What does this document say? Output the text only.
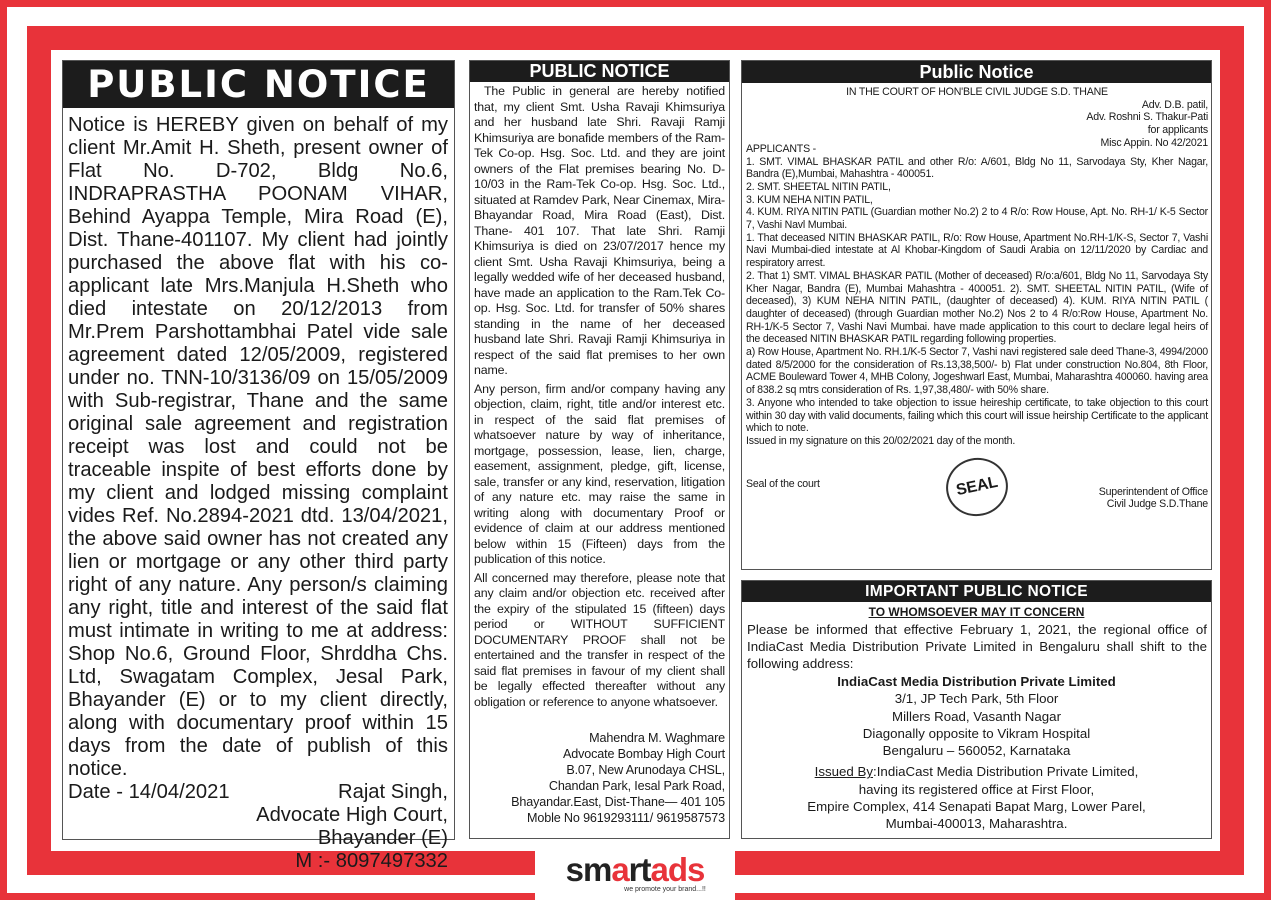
PUBLIC NOTICE

Notice is HEREBY given on behalf of my client Mr.Amit H. Sheth, present owner of Flat No. D-702, Bldg No.6, INDRAPRASTHA POONAM VIHAR, Behind Ayappa Temple, Mira Road (E), Dist. Thane-401107. My client had jointly purchased the above flat with his co-applicant late Mrs.Manjula H.Sheth who died intestate on 20/12/2013 from Mr.Prem Parshottambhai Patel vide sale agreement dated 12/05/2009, registered under no. TNN-10/3136/09 on 15/05/2009 with Sub-registrar, Thane and the same original sale agreement and registration receipt was lost and could not be traceable inspite of best efforts done by my client and lodged missing complaint vides Ref. No.2894-2021 dtd. 13/04/2021, the above said owner has not created any lien or mortgage or any other third party right of any nature. Any person/s claiming any right, title and interest of the said flat must intimate in writing to me at address: Shop No.6, Ground Floor, Shrddha Chs. Ltd, Swagatam Complex, Jesal Park, Bhayander (E) or to my client directly, along with documentary proof within 15 days from the date of publish of this notice.

Date - 14/04/2021	Rajat Singh,
Advocate High Court,
Bhayander (E)
M :- 8097497332
PUBLIC NOTICE

The Public in general are hereby notified that, my client Smt. Usha Ravaji Khimsuriya and her husband late Shri. Ravaji Ramji Khimsuriya are bonafide members of the Ram-Tek Co-op. Hsg. Soc. Ltd. and they are joint owners of the Flat premises bearing No. D-10/03 in the Ram-Tek Co-op. Hsg. Soc. Ltd., situated at Ramdev Park, Near Cinemax, Mira-Bhayandar Road, Mira Road (East), Dist. Thane- 401 107. That late Shri. Ramji Khimsuriya is died on 23/07/2017 hence my client Smt. Usha Ravaji Khimsuriya, being a legally wedded wife of her deceased husband, have made an application to the Ram.Tek Co-op. Hsg. Soc. Ltd. for transfer of 50% shares standing in the name of her deceased husband late Shri. Ravaji Ramji Khimsuriya in respect of the said flat premises to her own name.

Any person, firm and/or company having any objection, claim, right, title and/or interest etc. in respect of the said flat premises of whatsoever nature by way of inheritance, mortgage, possession, lease, lien, charge, easement, assignment, pledge, gift, license, sale, transfer or any kind, reservation, litigation of any nature etc. may raise the same in writing along with documentary Proof or evidence of claim at our address mentioned below within 15 (Fifteen) days from the publication of this notice.

All concerned may therefore, please note that any claim and/or objection etc. received after the expiry of the stipulated 15 (fifteen) days period or WITHOUT SUFFICIENT DOCUMENTARY PROOF shall not be entertained and the transfer in respect of the said flat premises in favour of my client shall be legally effected thereafter without any obligation or reference to anyone whatsoever.

Mahendra M. Waghmare
Advocate Bombay High Court
B.07, New Arunodaya CHSL,
Chandan Park, Iesal Park Road,
Bhayandar.East, Dist-Thane— 401 105
Moble No 9619293111/ 9619587573
Public Notice
IN THE COURT OF HON'BLE CIVIL JUDGE S.D. THANE
Adv. D.B. patil,
Adv. Roshni S. Thakur-Pati
for applicants
APPLICANTS -	Misc Appin. No 42/2021

1. SMT. VIMAL BHASKAR PATIL and other R/o: A/601, Bldg No 11, Sarvodaya Sty, Kher Nagar, Bandra (E),Mumbai, Mahashtra - 400051.

2. SMT. SHEETAL NITIN PATIL,

3. KUM NEHA NITIN PATIL,

4. KUM. RIYA NITIN PATIL (Guardian mother No.2) 2 to 4 R/o: Row House, Apt. No. RH-1/ K-5 Sector 7, Vashi Navl Mumbai.

1. That deceased NITIN BHASKAR PATIL, R/o: Row House, Apartment No.RH-1/K-S, Sector 7, Vashi Navi Mumbai-died intestate at Al Khobar-Kingdom of Saudi Arabia on 12/11/2020 by Cardiac and respiratory arrest.

2. That 1) SMT. VIMAL BHASKAR PATIL (Mother of deceased) R/o:a/601, Bldg No 11, Sarvodaya Sty Kher Nagar, Bandra (E), Mumbai Mahashtra - 400051. 2). SMT. SHEETAL NITIN PATIL, (Wife of deceased), 3) KUM NEHA NITIN PATIL, (daughter of deceased) 4). KUM. RIYA NITIN PATIL ( daughter of deceased) (through Guardian mother No.2) Nos 2 to 4 R/o:Row House, Apartment No. RH-1/K-5 Sector 7, Vashi Navi Mumbai. have made application to this court to declare legal heirs of the deceased NITIN BHASKAR PATIL regarding following properties.

a) Row House, Apartment No. RH.1/K-5 Sector 7, Vashi navi registered sale deed Thane-3, 4994/2000 dated 8/5/2000 for the consideration of Rs.13,38,500/- b) Flat under construction No.804, 8th Floor, ACME Bouleward Tower 4, MHB Colony, Jogeshwarl East, Mumbai, Maharashtra 400060. having area of 838.2 sq mtrs consideration of Rs. 1,97,38,480/- with 50% share.

3. Anyone who intended to take objection to issue heireship certificate, to take objection to this court within 30 day with valid documents, failing which this court will issue heirship Certificate to the applicant which to note.

Issued in my signature on this 20/02/2021 day of the month.

Seal of the court	SEAL	Superintendent of Office
Civil Judge S.D.Thane
IMPORTANT PUBLIC NOTICE
TO WHOMSOEVER MAY IT CONCERN

Please be informed that effective February 1, 2021, the regional office of IndiaCast Media Distribution Private Limited in Bengaluru shall shift to the following address:

IndiaCast Media Distribution Private Limited
3/1, JP Tech Park, 5th Floor
Millers Road, Vasanth Nagar
Diagonally opposite to Vikram Hospital
Bengaluru – 560052, Karnataka
Issued By:IndiaCast Media Distribution Private Limited,
having its registered office at First Floor,
Empire Complex, 414 Senapati Bapat Marg, Lower Parel,
Mumbai-400013, Maharashtra.
smartads
we promote your brand...!!
